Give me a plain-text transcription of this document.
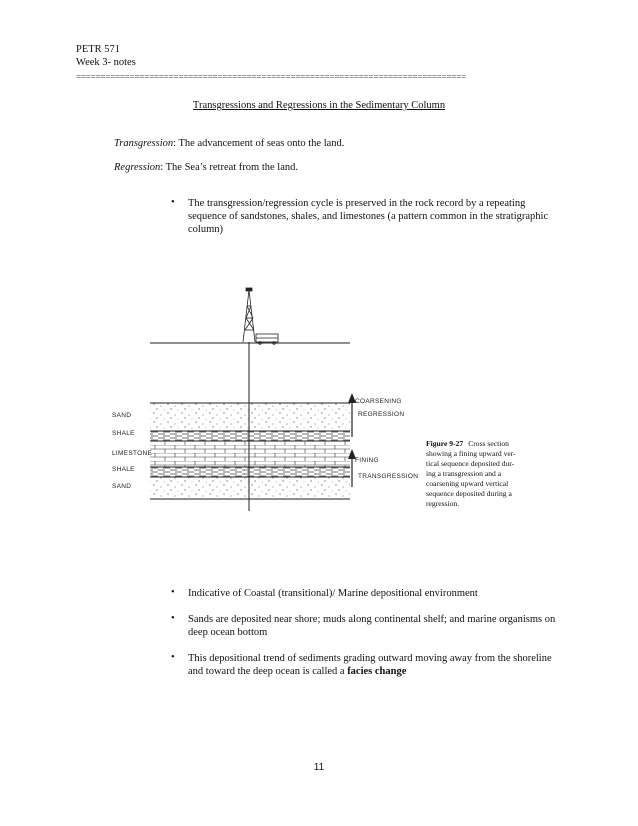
PETR 571
Week 3- notes
================================================================================
Transgressions and Regressions in the Sedimentary Column
Transgression: The advancement of seas onto the land.
Regression: The Sea’s retreat from the land.
• The transgression/regression cycle is preserved in the rock record by a repeating
sequence of sandstones, shales, and limestones (a pattern common in the stratigraphic
column)
SAND
SHALE
LIMESTONE
SHALE
SAND
COARSENING
REGRESSION
FINING
TRANSGRESSION
Figure 9-27 Cross section
showing a fining upward ver-
tical sequence deposited dur-
ing a transgression and a
coarsening upward vertical
sequence deposited during a
regression.
• Indicative of Coastal (transitional)/ Marine depositional environment
• Sands are deposited near shore; muds along continental shelf; and marine organisms on
deep ocean bottom
• This depositional trend of sediments grading outward moving away from the shoreline
and toward the deep ocean is called a facies change
11
